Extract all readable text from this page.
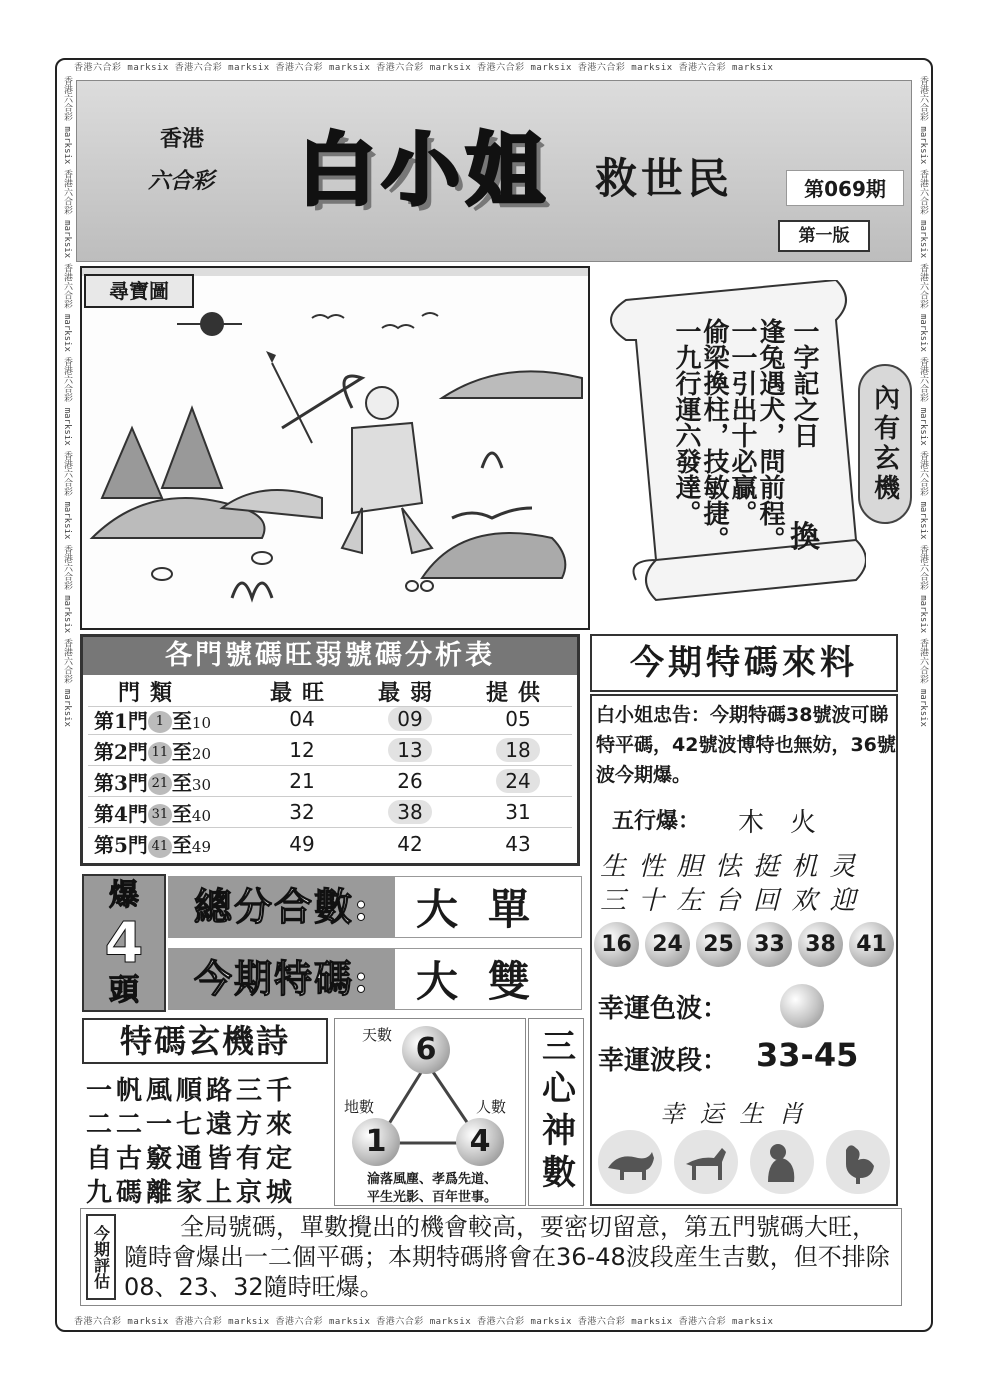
香港六合彩 marksix 香港六合彩 marksix 香港六合彩 marksix 香港六合彩 marksix 香港六合彩 marksix 香港六合彩 marksix 香港六合彩 marksix
香港六合彩 marksix 香港六合彩 marksix 香港六合彩 marksix 香港六合彩 marksix 香港六合彩 marksix 香港六合彩 marksix 香港六合彩 marksix
香港六合彩 marksix 香港六合彩 marksix 香港六合彩 marksix 香港六合彩 marksix 香港六合彩 marksix 香港六合彩 marksix 香港六合彩 marksix	香港六合彩 marksix 香港六合彩 marksix 香港六合彩 marksix 香港六合彩 marksix 香港六合彩 marksix 香港六合彩 marksix 香港六合彩 marksix
香港
六合彩 白小姐 救世民	第069期
第一版
尋寶圖
一字記之日
逢兔遇犬，問前程。
一一引出十必贏。
偷梁換柱，技敏捷。
一九行運六發達。
換
內有玄機
各門號碼旺弱號碼分析表
門類	最旺	最弱	提供
第1門 1 至10	04	09	05
第2門 11 至20	12	13	18
第3門 21 至30	21	26	24
第4門 31 至40	32	38	31
第5門 41 至49	49	42	43
今期特碼來料
白小姐忠告：今期特碼38號波可睇特平碼，42號波博特也無妨，36號波今期爆。
五行爆： 木　火
生 性 胆 怯 挺 机 灵
三 十 左 台 回 欢 迎
16 24 25 33 38 41
幸運色波：
幸運波段： 33-45
幸 运 生 肖
爆
4
頭
總分合數:	大單
今期特碼:	大雙
特碼玄機詩
一帆風順路三千
二二一七遠方來
自古竅通皆有定
九碼離家上京城
天數 6
地數
1
人數
4
淪落風塵、孝爲先道、
平生光影、百年世事。
三心神數
今期評估	全局號碼，單數攪出的機會較高，要密切留意，第五門號碼大旺，隨時會爆出一二個平碼；本期特碼將會在36-48波段産生吉數，但不排除08、23、32隨時旺爆。
